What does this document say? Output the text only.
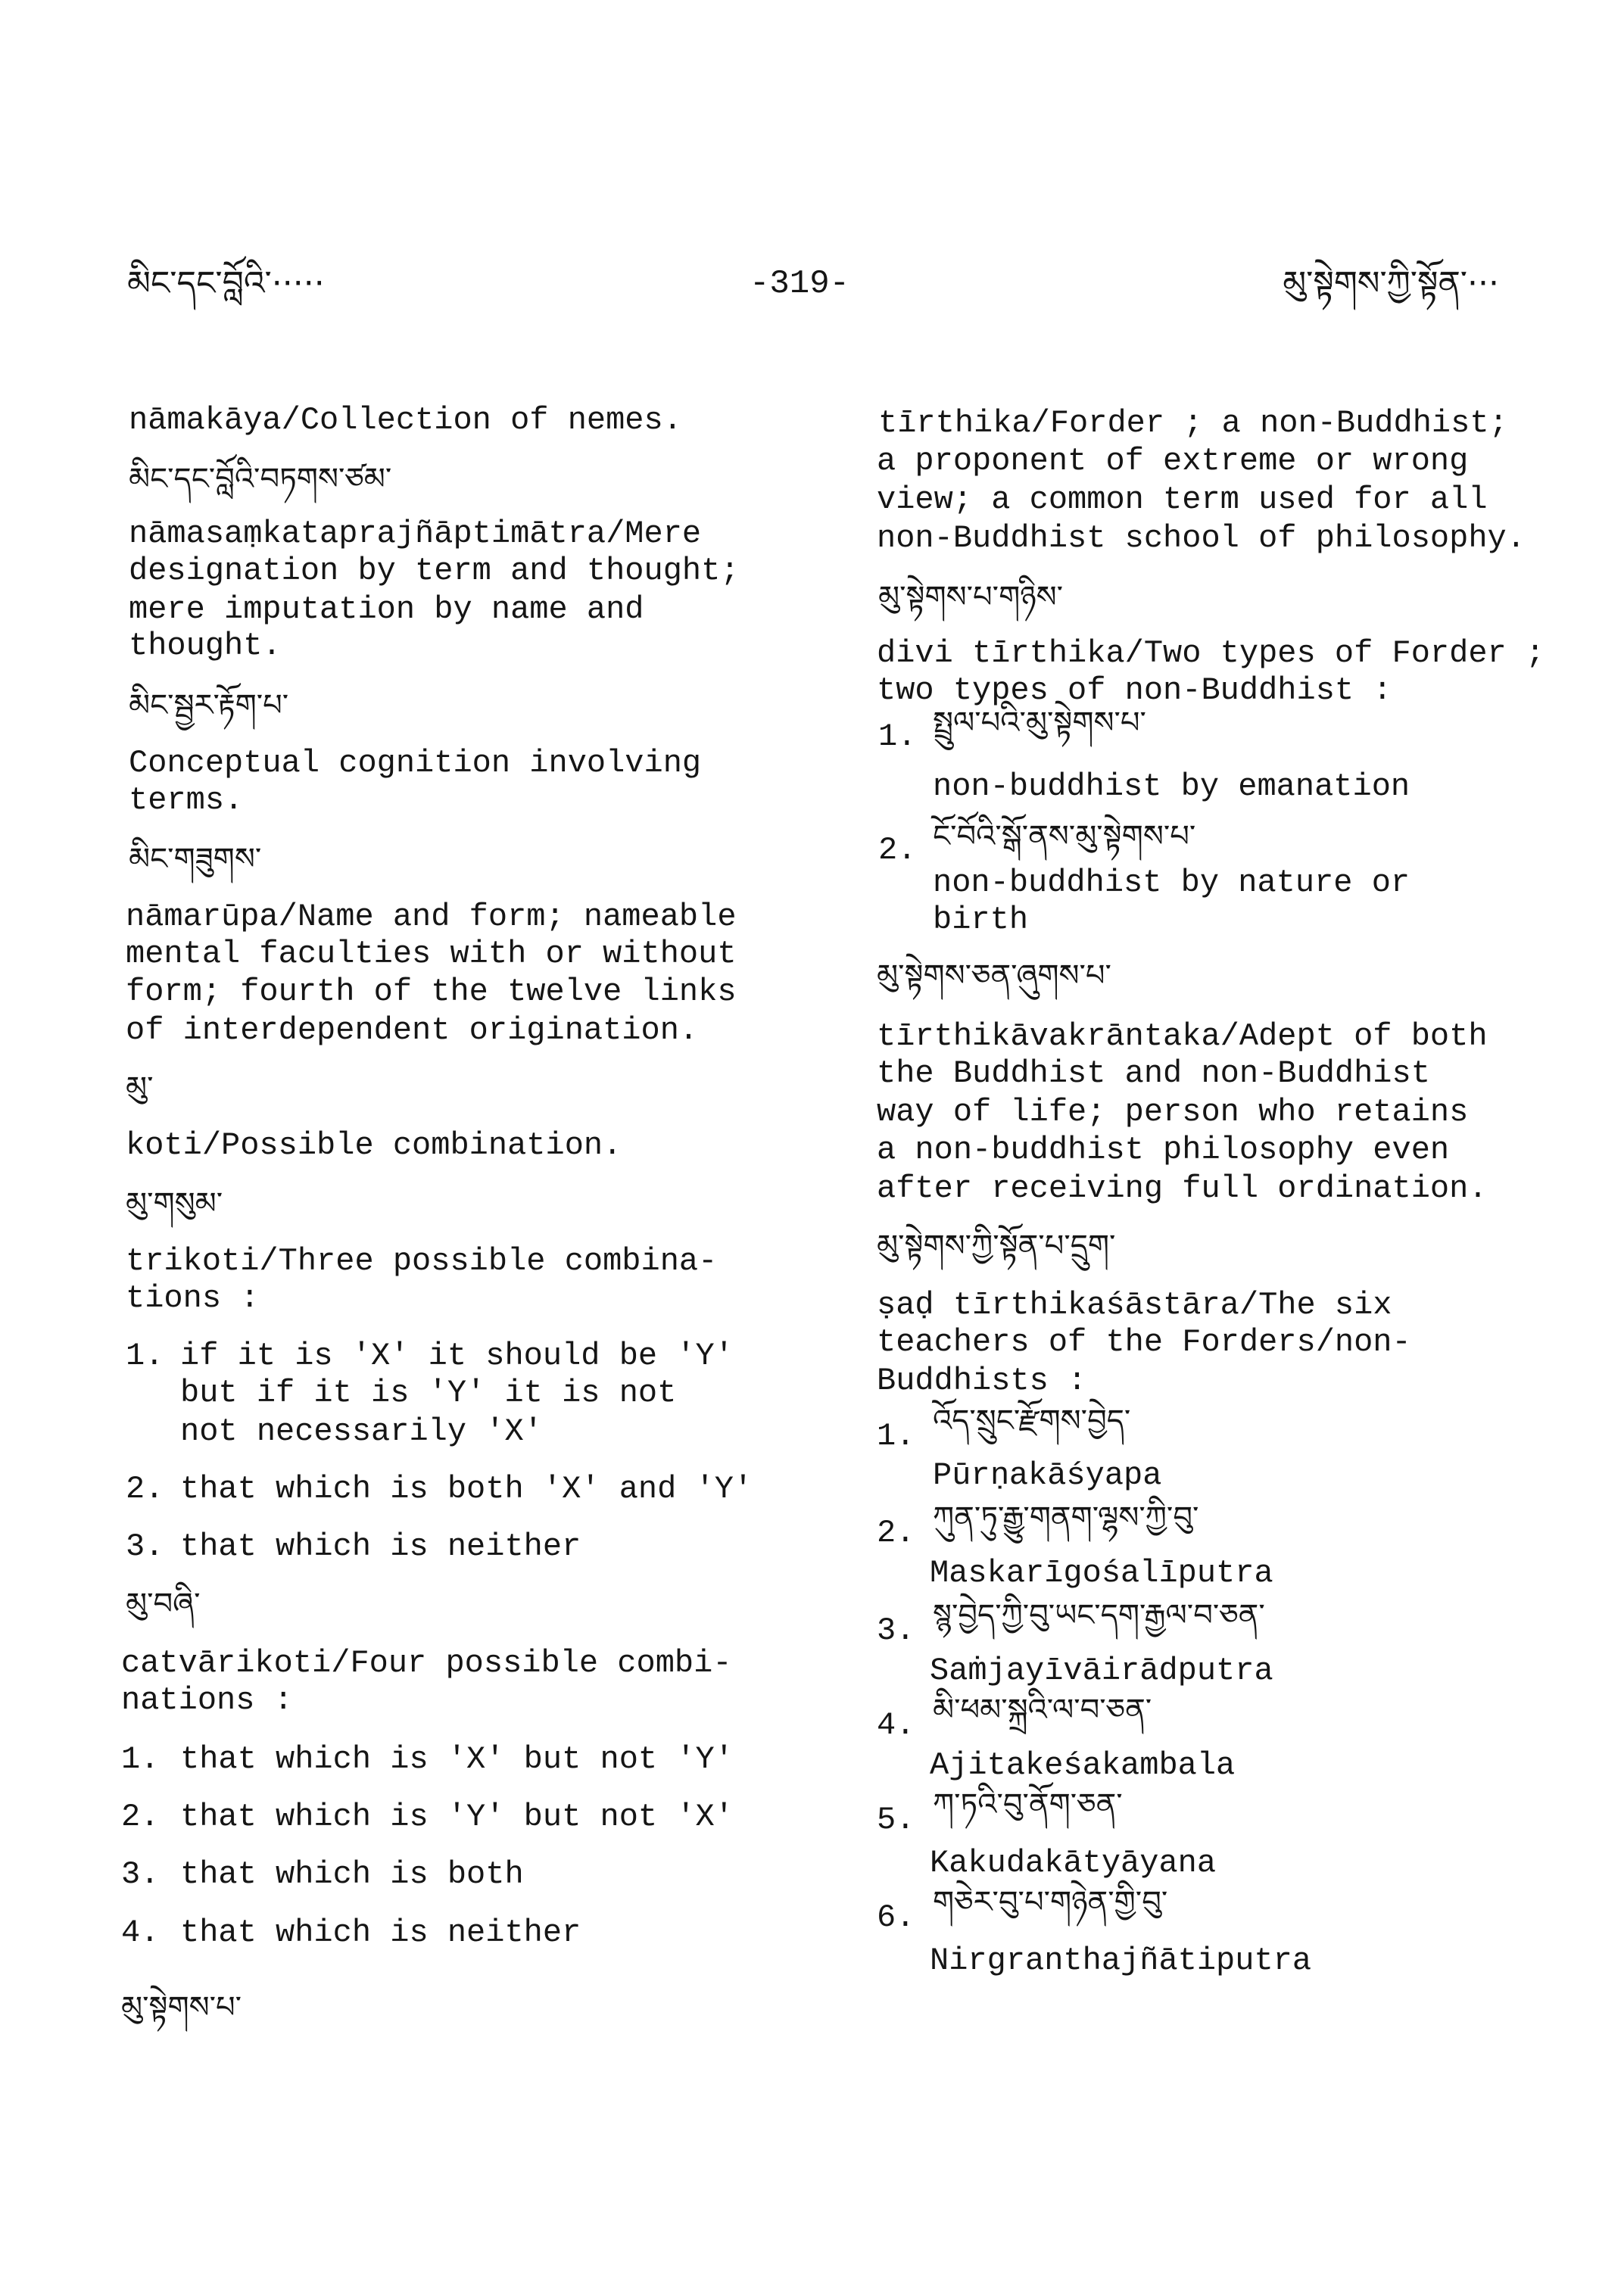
མིང་དང་བློའི་·····	-319-	མུ་སྟེགས་ཀྱི་སྟོན་···
nāmakāya/Collection of nemes.
མིང་དང་བློའི་བཏགས་ཙམ་
nāmasaṃkataprajñāptimātra/Mere
designation by term and thought;
mere imputation by name and
thought.
མིང་སྦྱར་རྟོག་པ་
Conceptual cognition involving
terms.
མིང་གཟུགས་
nāmarūpa/Name and form; nameable
mental faculties with or without
form; fourth of the twelve links
of interdependent origination.
མུ་
koti/Possible combination.
མུ་གསུམ་
trikoti/Three possible combina-
tions :
1. if it is 'X' it should be 'Y'
but if it is 'Y' it is not
not necessarily 'X'
2. that which is both 'X' and 'Y'
3. that which is neither
མུ་བཞི་
catvārikoti/Four possible combi-
nations :
1. that which is 'X' but not 'Y'
2. that which is 'Y' but not 'X'
3. that which is both
4. that which is neither
མུ་སྟེགས་པ་
tīrthika/Forder ; a non-Buddhist;
a proponent of extreme or wrong
view; a common term used for all
non-Buddhist school of philosophy.
མུ་སྟེགས་པ་གཉིས་
divi tīrthika/Two types of Forder ;
two types of non-Buddhist :
1. སྤྲུལ་པའི་མུ་སྟེགས་པ་
non-buddhist by emanation
2. ངོ་བོའི་སྒོ་ནས་མུ་སྟེགས་པ་
non-buddhist by nature or
birth
མུ་སྟེགས་ཅན་ཞུགས་པ་
tīrthikāvakrāntaka/Adept of both
the Buddhist and non-Buddhist
way of life; person who retains
a non-buddhist philosophy even
after receiving full ordination.
མུ་སྟེགས་ཀྱི་སྟོན་པ་དྲུག་
ṣaḍ tīrthikaśāstāra/The six
teachers of the Forders/non-
Buddhists :
1. འོད་སྲུང་རྫོགས་བྱེད་
Pūrṇakāśyapa
2. ཀུན་ཏུ་རྒྱུ་གནག་ལྷས་ཀྱི་བུ་
Maskarīgośalīputra
3. སྙ་བྱེད་ཀྱི་བུ་ཡང་དག་རྒྱལ་བ་ཅན་
Saṁjayīvāirādputra
4. མི་ཕམ་སྐྲའི་ལ་བ་ཅན་
Ajitakeśakambala
5. ཀ་ཏའི་བུ་ནོག་ཅན་
Kakudakātyāyana
6. གཅེར་བུ་པ་གཉེན་གྱི་བུ་
Nirgranthajñātiputra
